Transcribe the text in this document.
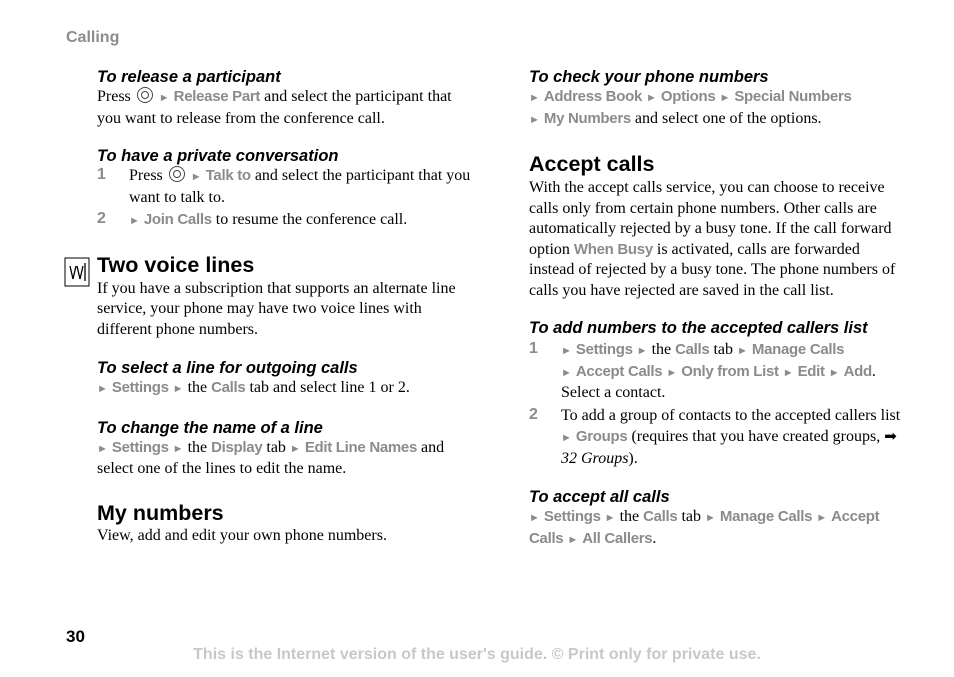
Calling
To release a participant

Press	► Release Part and select the participant that you want to release from the conference call.

To have a private conversation
1 Press	► Talk to and select the participant that you want to talk to.

2 ► Join Calls to resume the conference call.

Two voice lines

If you have a subscription that supports an alternate line service, your phone may have two voice lines with different phone numbers.

To select a line for outgoing calls

► Settings ► the Calls tab and select line 1 or 2.

To change the name of a line

► Settings ► the Display tab ► Edit Line Names and select one of the lines to edit the name.

My numbers

View, add and edit your own phone numbers.

To check your phone numbers

► Address Book ► Options ► Special Numbers
► My Numbers and select one of the options.

Accept calls

With the accept calls service, you can choose to receive calls only from certain phone numbers. Other calls are automatically rejected by a busy tone. If the call forward option When Busy is activated, calls are forwarded instead of rejected by a busy tone. The phone numbers of calls you have rejected are saved in the call list.

To add numbers to the accepted callers list
1 ► Settings ► the Calls tab ► Manage Calls
► Accept Calls ► Only from List ► Edit ► Add.
Select a contact.

2 To add a group of contacts to the accepted callers list ► Groups (requires that you have created groups, ➡ 32 Groups).

To accept all calls

► Settings ► the Calls tab ► Manage Calls ► Accept Calls ► All Callers.

30
This is the Internet version of the user's guide. © Print only for private use.
